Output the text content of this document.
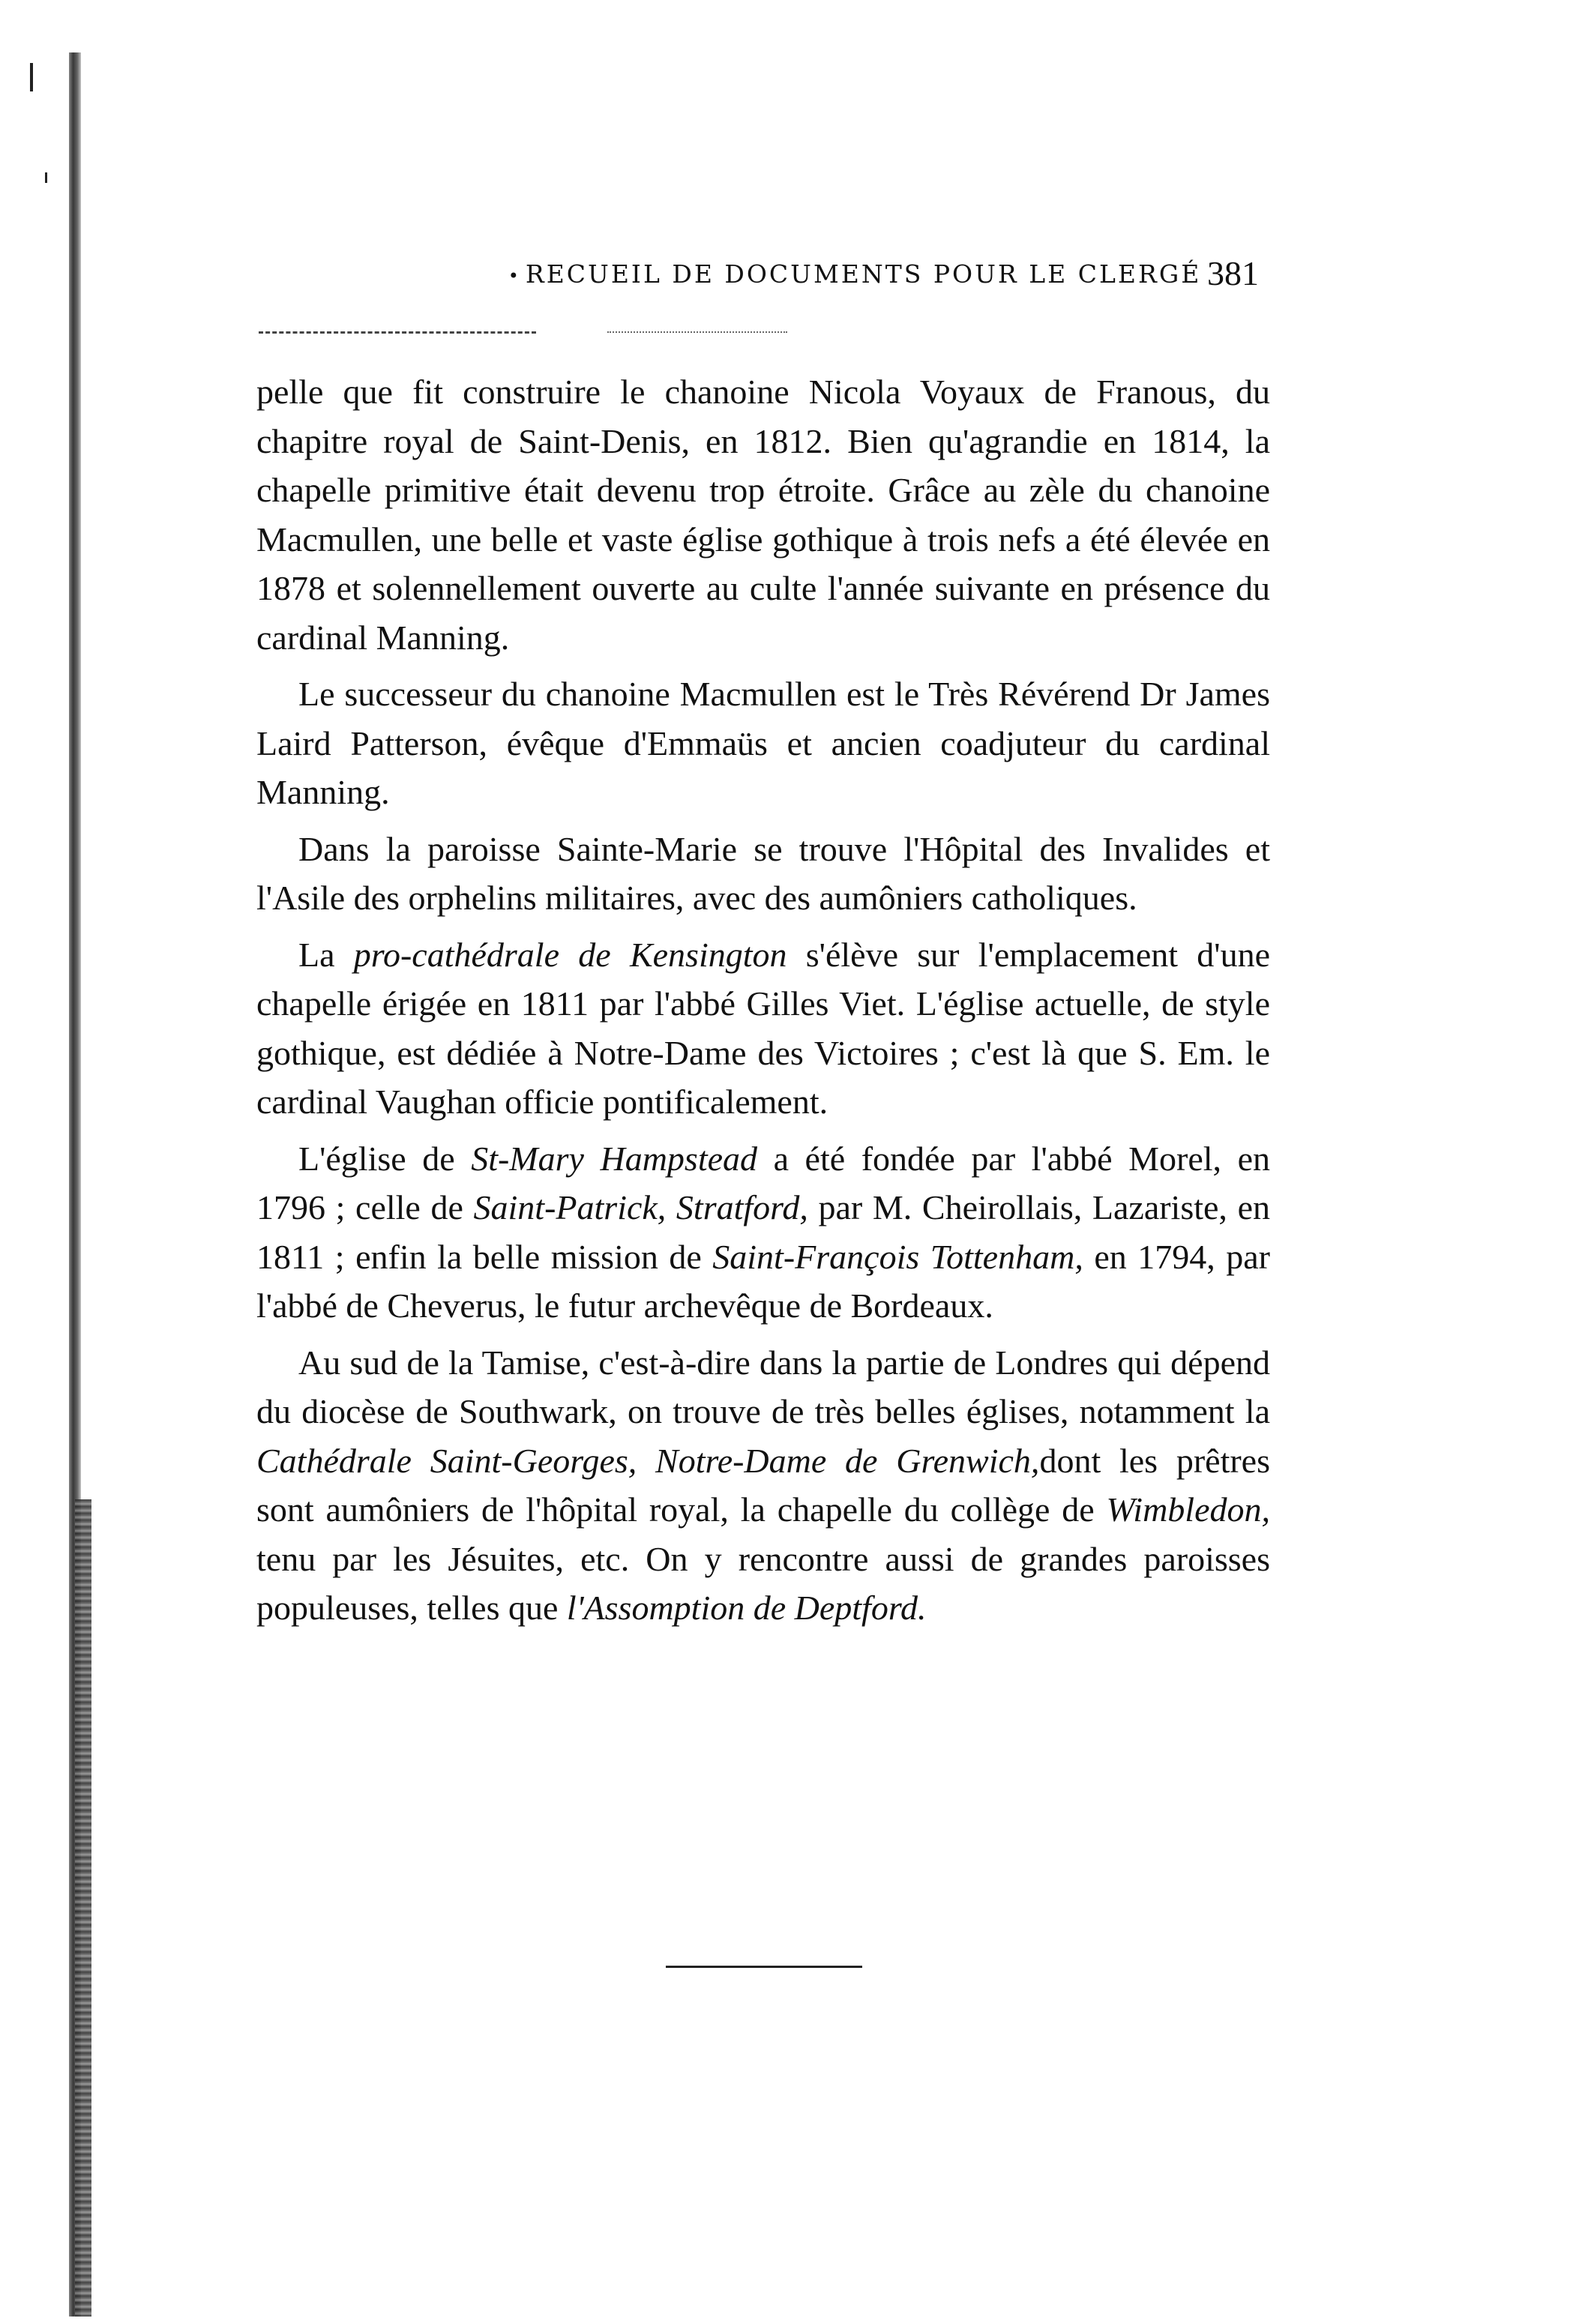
• RECUEIL DE DOCUMENTS POUR LE CLERGÉ 381

pelle que fit construire le chanoine Nicola Voyaux de Franous, du chapitre royal de Saint-Denis, en 1812. Bien qu'agrandie en 1814, la chapelle primitive était devenu trop étroite. Grâce au zèle du chanoine Macmullen, une belle et vaste église gothique à trois nefs a été élevée en 1878 et solennellement ouverte au culte l'année suivante en présence du cardinal Manning.

Le successeur du chanoine Macmullen est le Très Révérend Dr James Laird Patterson, évêque d'Emmaüs et ancien coadjuteur du cardinal Manning.

Dans la paroisse Sainte-Marie se trouve l'Hôpital des Invalides et l'Asile des orphelins militaires, avec des aumôniers catholiques.

La pro-cathédrale de Kensington s'élève sur l'emplacement d'une chapelle érigée en 1811 par l'abbé Gilles Viet. L'église actuelle, de style gothique, est dédiée à Notre-Dame des Victoires ; c'est là que S. Em. le cardinal Vaughan officie pontificalement.

L'église de St-Mary Hampstead a été fondée par l'abbé Morel, en 1796 ; celle de Saint-Patrick, Stratford, par M. Cheirollais, Lazariste, en 1811 ; enfin la belle mission de Saint-François Tottenham, en 1794, par l'abbé de Cheverus, le futur archevêque de Bordeaux.

Au sud de la Tamise, c'est-à-dire dans la partie de Londres qui dépend du diocèse de Southwark, on trouve de très belles églises, notamment la Cathédrale Saint-Georges, Notre-Dame de Grenwich,dont les prêtres sont aumôniers de l'hôpital royal, la chapelle du collège de Wimbledon, tenu par les Jésuites, etc. On y rencontre aussi de grandes paroisses populeuses, telles que l'Assomption de Deptford.
